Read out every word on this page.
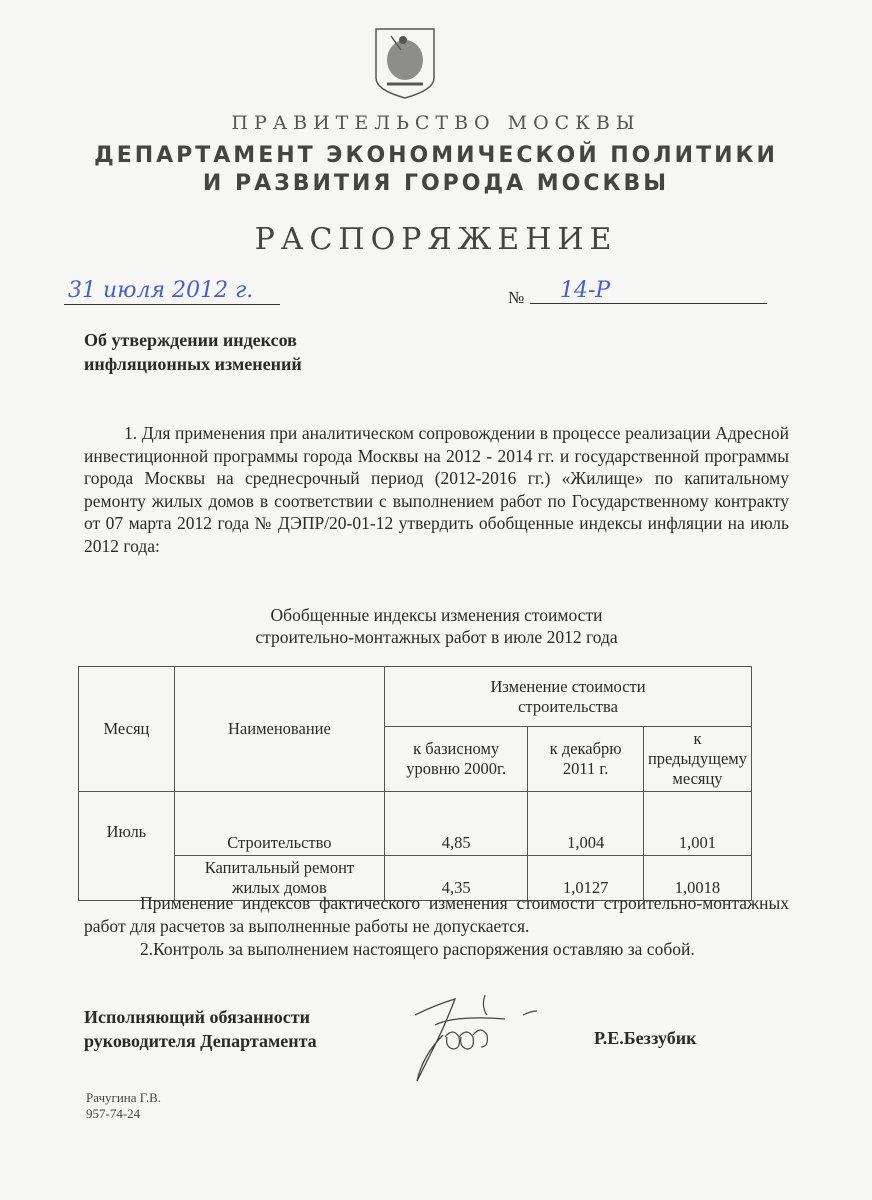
ПРАВИТЕЛЬСТВО МОСКВЫ
ДЕПАРТАМЕНТ ЭКОНОМИЧЕСКОЙ ПОЛИТИКИ
И РАЗВИТИЯ ГОРОДА МОСКВЫ
РАСПОРЯЖЕНИЕ
31 июля 2012 г.	№	14-Р
Об утверждении индексов
инфляционных изменений
1. Для применения при аналитическом сопровождении в процессе реализации Адресной инвестиционной программы города Москвы на 2012 - 2014 гг. и государственной программы города Москвы на среднесрочный период (2012-2016 гг.) «Жилище» по капитальному ремонту жилых домов в соответствии с выполнением работ по Государственному контракту от 07 марта 2012 года № ДЭПР/20-01-12 утвердить обобщенные индексы инфляции на июль 2012 года:
Обобщенные индексы изменения стоимости
строительно-монтажных работ в июле 2012 года
Месяц	Наименование	Изменение стоимости строительства		
		к базисному уровню 2000г.	к декабрю 2011 г.	к предыдущему месяцу
Июль	Строительство	4,85	1,004	1,001
	Капитальный ремонт жилых домов	4,35	1,0127	1,0018
Применение индексов фактического изменения стоимости строительно-монтажных работ для расчетов за выполненные работы не допускается.
2.Контроль за выполнением настоящего распоряжения оставляю за собой.
Исполняющий обязанности
руководителя Департамента	Р.Е.Беззубик
Рачугина Г.В.
957-74-24
